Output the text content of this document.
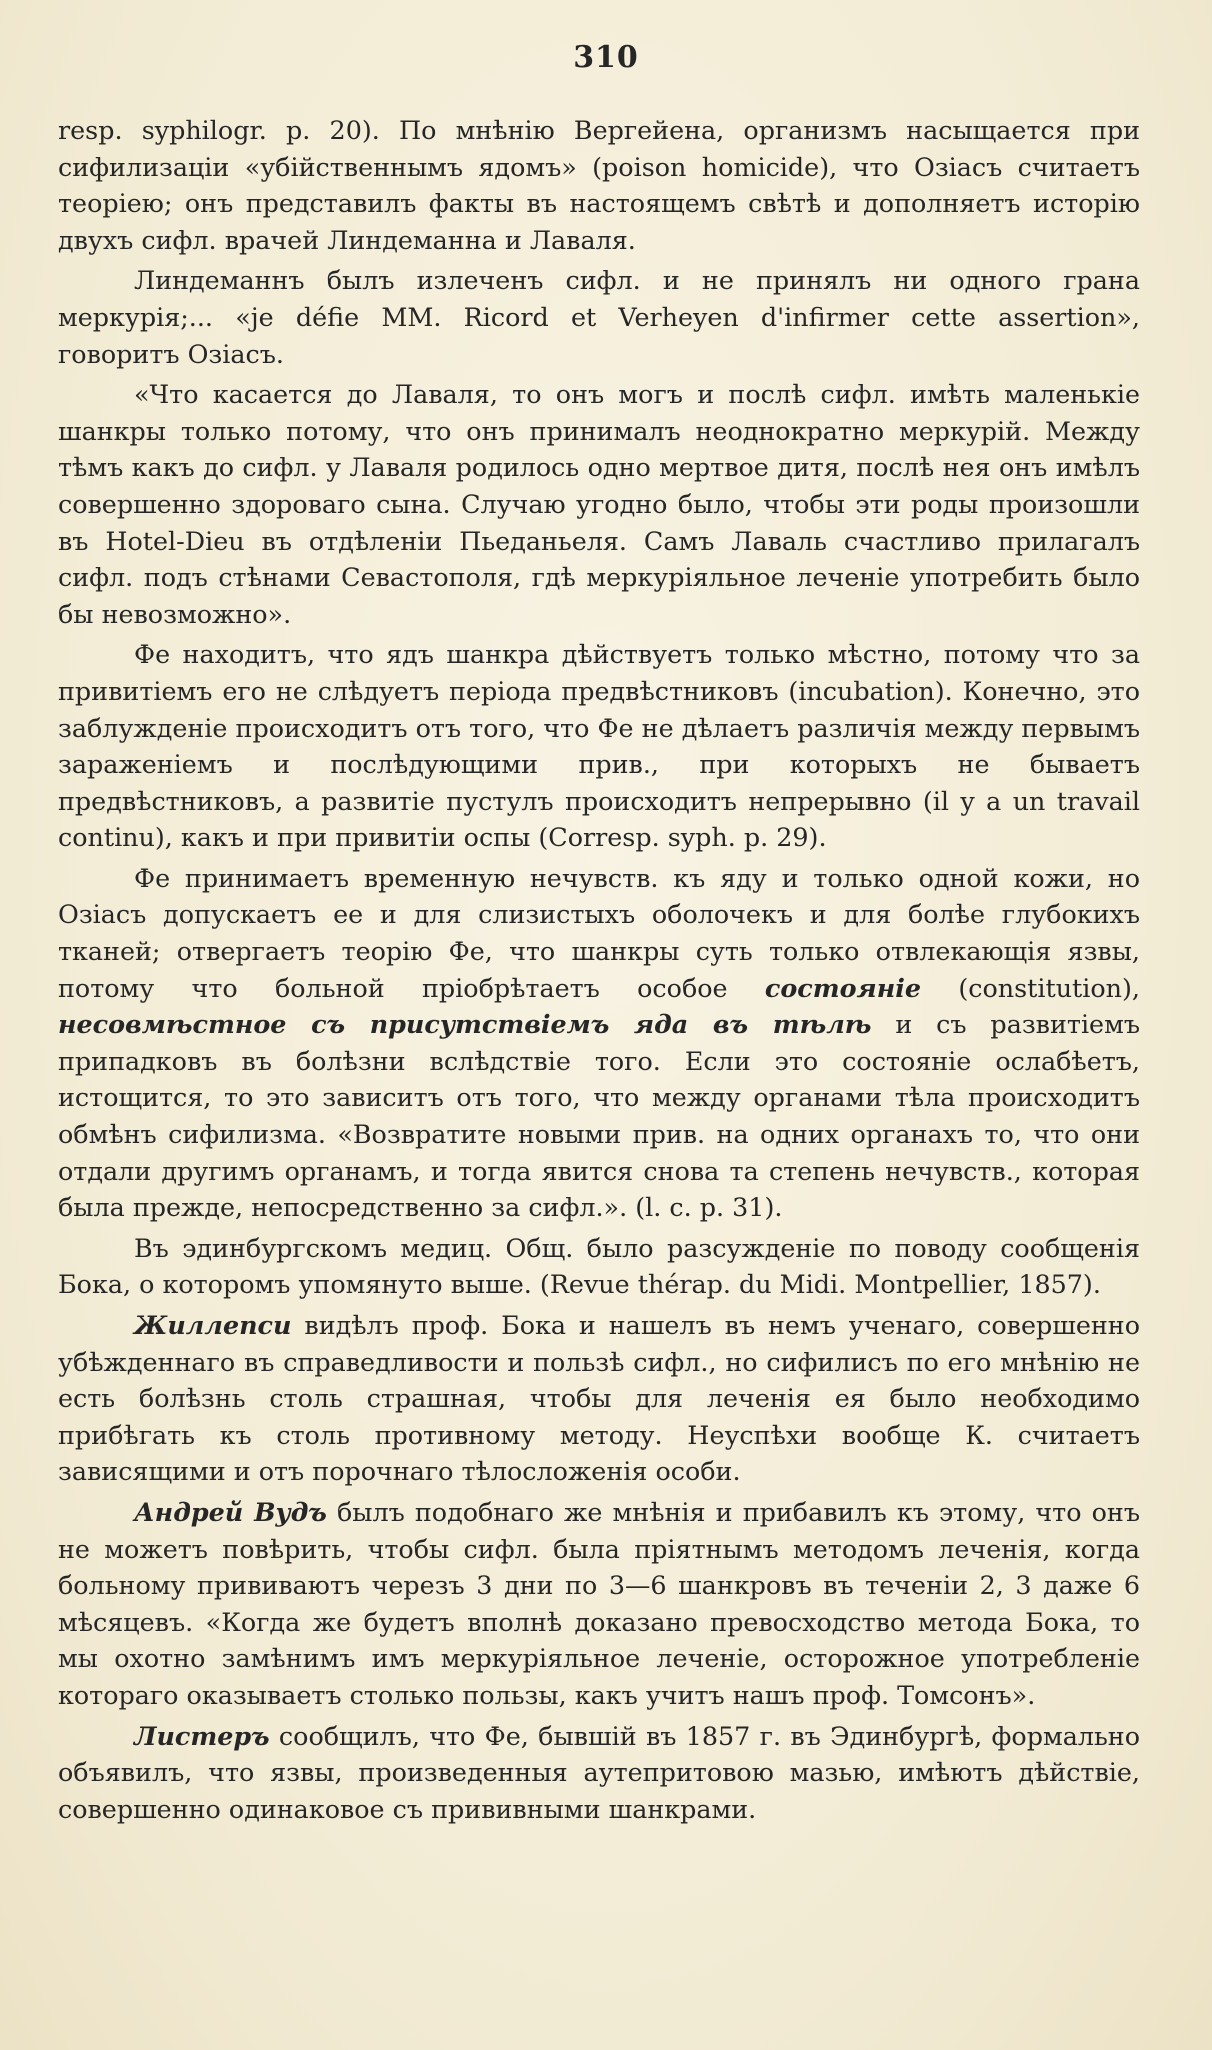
310

resp. syphilogr. p. 20). По мнѣнію Вергейена, организмъ насыщается при сифилизаціи «убійственнымъ ядомъ» (poison homicide), что Озіасъ считаетъ теоріею; онъ представилъ факты въ настоящемъ свѣтѣ и дополняетъ исторію двухъ сифл. врачей Линдеманна и Лаваля.

Линдеманнъ былъ излеченъ сифл. и не принялъ ни одного грана меркурія;... «je défie MM. Ricord et Verheyen d'infirmer cette assertion», говоритъ Озіасъ.

«Что касается до Лаваля, то онъ могъ и послѣ сифл. имѣть маленькіе шанкры только потому, что онъ принималъ неоднократно меркурій. Между тѣмъ какъ до сифл. у Лаваля родилось одно мертвое дитя, послѣ нея онъ имѣлъ совершенно здороваго сына. Случаю угодно было, чтобы эти роды произошли въ Hotel-Dieu въ отдѣленіи Пьеданьеля. Самъ Лаваль счастливо прилагалъ сифл. подъ стѣнами Севастополя, гдѣ меркуріяльное леченіе употребить было бы невозможно».

Фе находитъ, что ядъ шанкра дѣйствуетъ только мѣстно, потому что за привитіемъ его не слѣдуетъ періода предвѣстниковъ (incubation). Конечно, это заблужденіе происходитъ отъ того, что Фе не дѣлаетъ различія между первымъ зараженіемъ и послѣдующими прив., при которыхъ не бываетъ предвѣстниковъ, а развитіе пустулъ происходитъ непрерывно (il y a un travail continu), какъ и при привитіи оспы (Corresp. syph. p. 29).

Фе принимаетъ временную нечувств. къ яду и только одной кожи, но Озіасъ допускаетъ ее и для слизистыхъ оболочекъ и для болѣе глубокихъ тканей; отвергаетъ теорію Фе, что шанкры суть только отвлекающія язвы, потому что больной пріобрѣтаетъ особое состояніе (constitution), несовмѣстное съ присутствіемъ яда въ тѣлѣ и съ развитіемъ припадковъ въ болѣзни вслѣдствіе того. Если это состояніе ослабѣетъ, истощится, то это зависитъ отъ того, что между органами тѣла происходитъ обмѣнъ сифилизма. «Возвратите новыми прив. на одних органахъ то, что они отдали другимъ органамъ, и тогда явится снова та степень нечувств., которая была прежде, непосредственно за сифл.». (l. c. p. 31).

Въ эдинбургскомъ медиц. Общ. было разсужденіе по поводу сообщенія Бока, о которомъ упомянуто выше. (Revue thérap. du Midi. Montpellier, 1857).

Жиллепси видѣлъ проф. Бока и нашелъ въ немъ ученаго, совершенно убѣжденнаго въ справедливости и пользѣ сифл., но сифилисъ по его мнѣнію не есть болѣзнь столь страшная, чтобы для леченія ея было необходимо прибѣгать къ столь противному методу. Неуспѣхи вообще К. считаетъ зависящими и отъ порочнаго тѣлосложенія особи.

Андрей Вудъ былъ подобнаго же мнѣнія и прибавилъ къ этому, что онъ не можетъ повѣрить, чтобы сифл. была пріятнымъ методомъ леченія, когда больному прививаютъ черезъ 3 дни по 3—6 шанкровъ въ теченіи 2, 3 даже 6 мѣсяцевъ. «Когда же будетъ вполнѣ доказано превосходство метода Бока, то мы охотно замѣнимъ имъ меркуріяльное леченіе, осторожное употребленіе котораго оказываетъ столько пользы, какъ учитъ нашъ проф. Томсонъ».

Листеръ сообщилъ, что Фе, бывшій въ 1857 г. въ Эдинбургѣ, формально объявилъ, что язвы, произведенныя аутепритовою мазью, имѣютъ дѣйствіе, совершенно одинаковое съ прививными шанкрами.
